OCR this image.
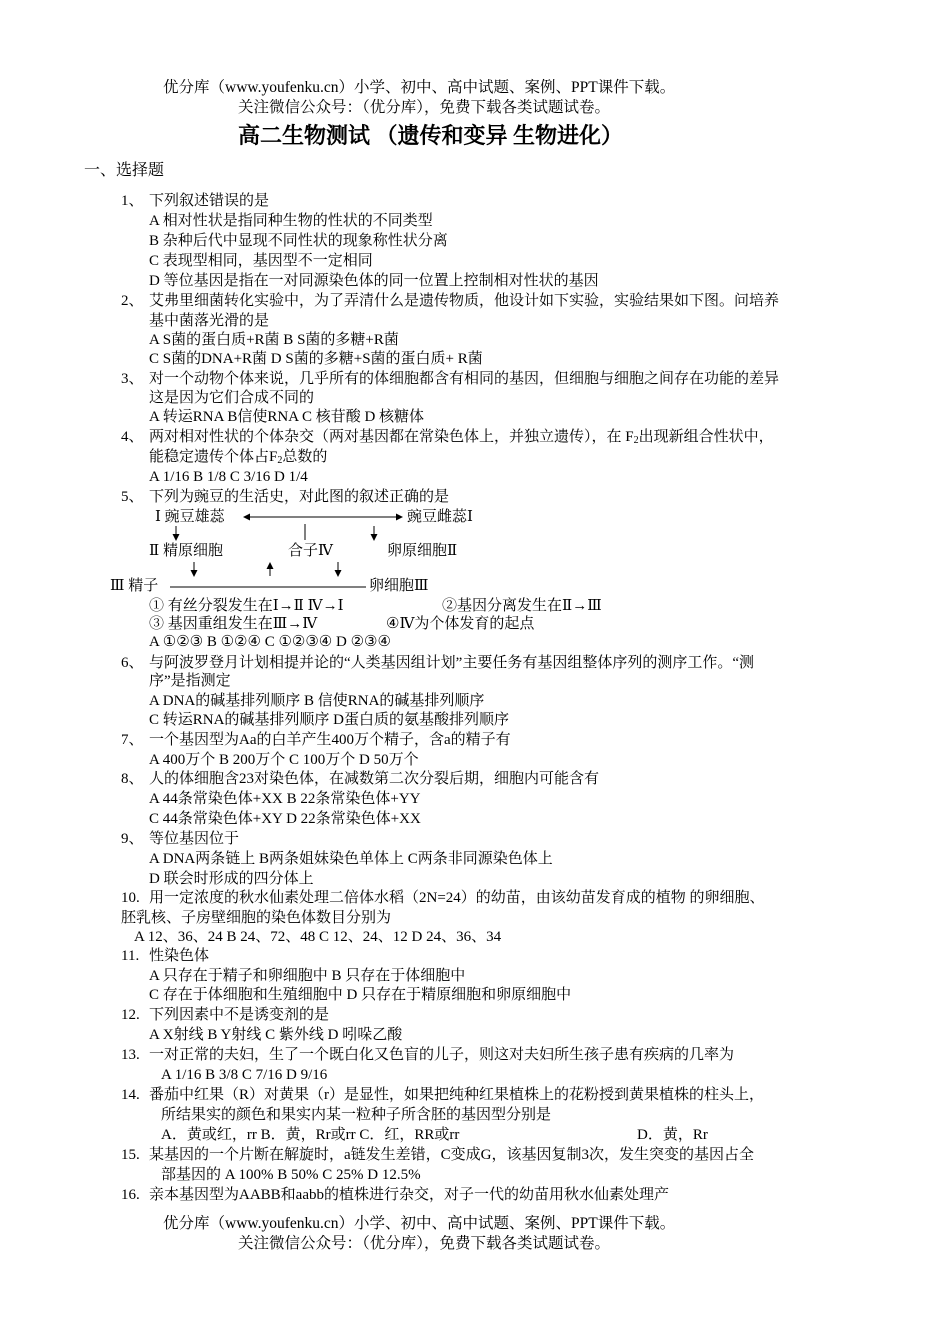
优分库（www.youfenku.cn）小学、初中、高中试题、案例、PPT课件下载。
关注微信公众号：（优分库），免费下载各类试题试卷。
高二生物测试 （遗传和变异 生物进化）
一、选择题
1、 下列叙述错误的是
A 相对性状是指同种生物的性状的不同类型
B 杂种后代中显现不同性状的现象称性状分离
C 表现型相同，基因型不一定相同
D 等位基因是指在一对同源染色体的同一位置上控制相对性状的基因
2、 艾弗里细菌转化实验中，为了弄清什么是遗传物质，他设计如下实验，实验结果如下图。问培养
基中菌落光滑的是
A S菌的蛋白质+R菌 B S菌的多糖+R菌
C S菌的DNA+R菌 D S菌的多糖+S菌的蛋白质+ R菌
3、 对一个动物个体来说，几乎所有的体细胞都含有相同的基因，但细胞与细胞之间存在功能的差异
这是因为它们合成不同的
A 转运RNA B信使RNA C 核苷酸 D 核糖体
4、 两对相对性状的个体杂交（两对基因都在常染色体上，并独立遗传），在 $F_2$出现新组合性状中，
能稳定遗传个体占$F_2$总数的
A 1/16 B 1/8 C 3/16 D 1/4
5、 下列为豌豆的生活史，对此图的叙述正确的是
Ⅰ 豌豆雄蕊	豌豆雌蕊Ⅰ
Ⅱ 精原细胞	合子Ⅳ	卵原细胞Ⅱ
Ⅲ 精子	卵细胞Ⅲ
① 有丝分裂发生在Ⅰ→Ⅱ Ⅳ→Ⅰ	②基因分离发生在Ⅱ→Ⅲ
③ 基因重组发生在Ⅲ→Ⅳ	④Ⅳ为个体发育的起点
A ①②③ B ①②④ C ①②③④ D ②③④
6、 与阿波罗登月计划相提并论的“人类基因组计划”主要任务有基因组整体序列的测序工作。“测
序”是指测定
A DNA的碱基排列顺序 B 信使RNA的碱基排列顺序
C 转运RNA的碱基排列顺序 D蛋白质的氨基酸排列顺序
7、 一个基因型为Aa的白羊产生400万个精子，含a的精子有
A 400万个 B 200万个 C 100万个 D 50万个
8、 人的体细胞含23对染色体，在减数第二次分裂后期，细胞内可能含有
A 44条常染色体+XX B 22条常染色体+YY
C 44条常染色体+XY D 22条常染色体+XX
9、 等位基因位于
A DNA两条链上 B两条姐妹染色单体上 C两条非同源染色体上
D 联会时形成的四分体上
10. 用一定浓度的秋水仙素处理二倍体水稻（2N=24）的幼苗，由该幼苗发育成的植物 的卵细胞、
胚乳核、子房壁细胞的染色体数目分别为
A 12、36、24 B 24、72、48 C 12、24、12 D 24、36、34
11. 性染色体
A 只存在于精子和卵细胞中 B 只存在于体细胞中
C 存在于体细胞和生殖细胞中 D 只存在于精原细胞和卵原细胞中
12. 下列因素中不是诱变剂的是
A X射线 B Y射线 C 紫外线 D 吲哚乙酸
13. 一对正常的夫妇，生了一个既白化又色盲的儿子，则这对夫妇所生孩子患有疾病的几率为
A 1/16 B 3/8 C 7/16 D 9/16
14. 番茄中红果（R）对黄果（r）是显性，如果把纯种红果植株上的花粉授到黄果植株的柱头上，
所结果实的颜色和果实内某一粒种子所含胚的基因型分别是
A．黄或红，rr B．黄，Rr或rr C．红，RR或rr	D．黄，Rr
15. 某基因的一个片断在解旋时，a链发生差错，C变成G，该基因复制3次，发生突变的基因占全
部基因的 A 100% B 50% C 25% D 12.5%
16. 亲本基因型为AABB和aabb的植株进行杂交，对子一代的幼苗用秋水仙素处理产
优分库（www.youfenku.cn）小学、初中、高中试题、案例、PPT课件下载。
关注微信公众号：（优分库），免费下载各类试题试卷。
